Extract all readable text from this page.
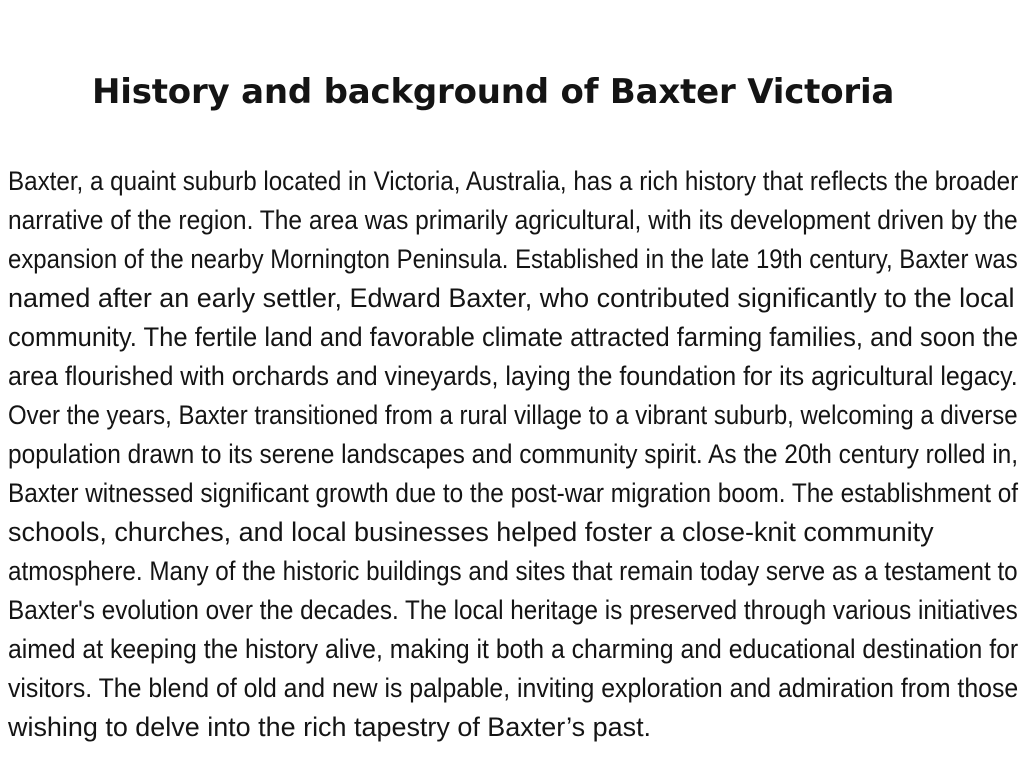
History and background of Baxter Victoria
Baxter, a quaint suburb located in Victoria, Australia, has a rich history that reflects the broader
narrative of the region. The area was primarily agricultural, with its development driven by the
expansion of the nearby Mornington Peninsula. Established in the late 19th century, Baxter was
named after an early settler, Edward Baxter, who contributed significantly to the local
community. The fertile land and favorable climate attracted farming families, and soon the
area flourished with orchards and vineyards, laying the foundation for its agricultural legacy.
Over the years, Baxter transitioned from a rural village to a vibrant suburb, welcoming a diverse
population drawn to its serene landscapes and community spirit. As the 20th century rolled in,
Baxter witnessed significant growth due to the post-war migration boom. The establishment of
schools, churches, and local businesses helped foster a close-knit community
atmosphere. Many of the historic buildings and sites that remain today serve as a testament to
Baxter's evolution over the decades. The local heritage is preserved through various initiatives
aimed at keeping the history alive, making it both a charming and educational destination for
visitors. The blend of old and new is palpable, inviting exploration and admiration from those
wishing to delve into the rich tapestry of Baxter’s past.
